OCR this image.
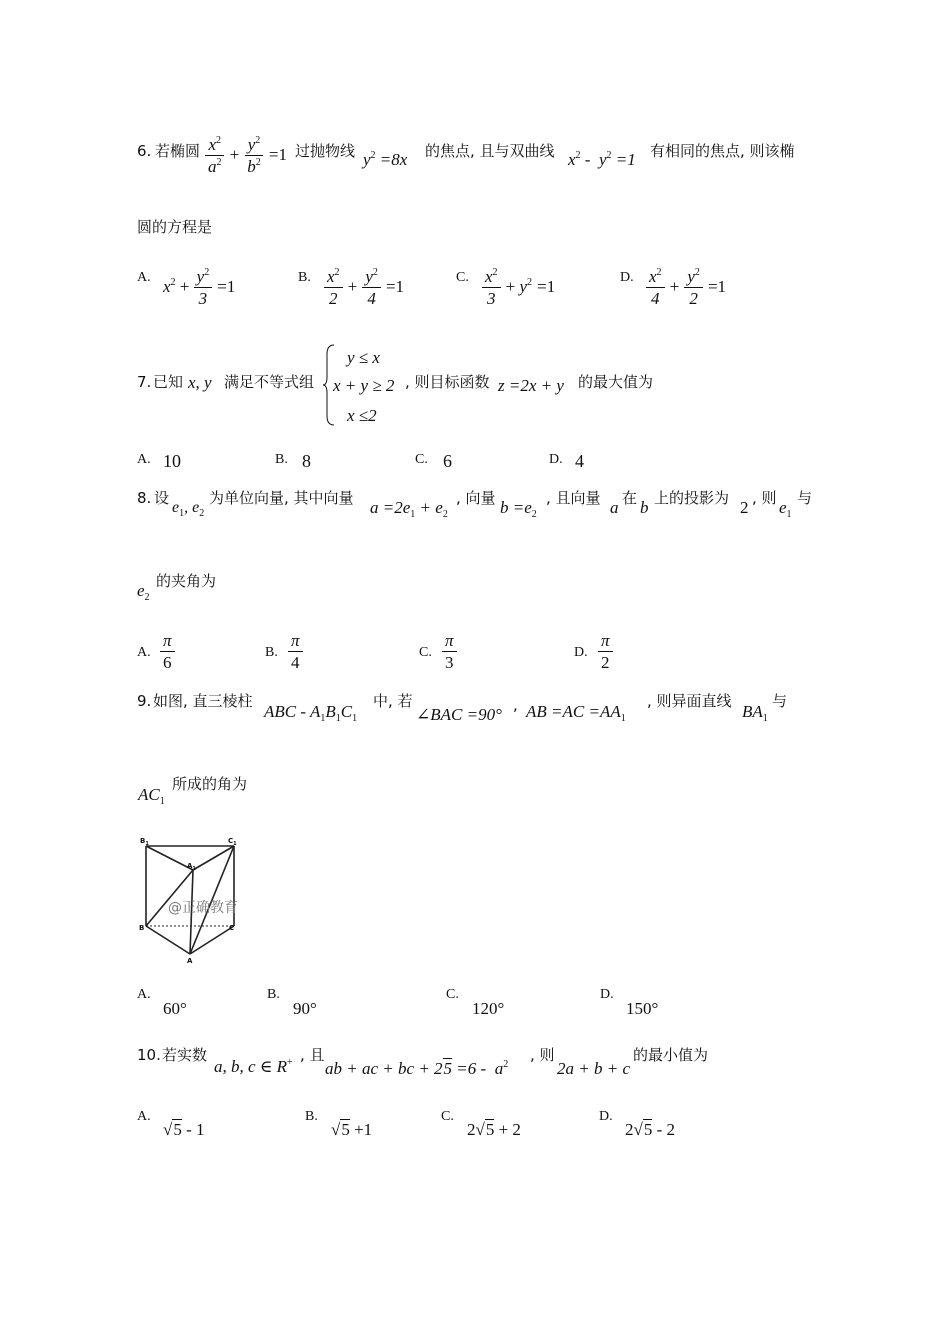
6. 若椭圆 $\frac{x^2}{a^2} + \frac{y^2}{b^2} =1$ 过抛物线 $y^2 =8x$ 的焦点, 且与双曲线 $x^2 - y^2 =1$ 有相同的焦点, 则该椭
圆的方程是
A. $x^2 + \frac{y^2}{3} =1$	B. $\frac{x^2}{2} + \frac{y^2}{4} =1$	C. $\frac{x^2}{3} + y^2 =1$	D. $\frac{x^2}{4} + \frac{y^2}{2} =1$
7. 已知 x, y 满足不等式组
y ≤ x
x + y ≥ 2
x ≤2
, 则目标函数 z =2x + y 的最大值为
A. 10	B. 8	C. 6	D. 4
8. 设
$e_1$, $e_2$
为单位向量, 其中向量 $a =2e_1 + e_2$
, 向量 $b =e_2$
, 且向量 a 在 b 上的投影为 2 , 则 $e_1$
与
$e_2$
的夹角为
A. $\frac{\pi}{6}$	B. $\frac{\pi}{4}$	C. $\frac{\pi}{3}$	D. $\frac{\pi}{2}$
9. 如图, 直三棱柱
ABC - $A_1B_1C_1$
中, 若
∠BAC =90° , AB $=AC =AA_1$
, 则异面直线
$BA_1$
与
$AC_1$
所成的角为
$B_1$	$C_1$
$A_1$
B	C
A
@正确教育
A.
60°
B.
90°
C.
120°
D.
150°
10. 若实数
a, b, c ∈ R+ , 且
ab + ac + bc + $25 =6 - a^2$
, 则
2a + b + c
的最小值为
A.
√5 - 1
B.
√5 +1
C.
2√5 + 2
D.
2√5 - 2
